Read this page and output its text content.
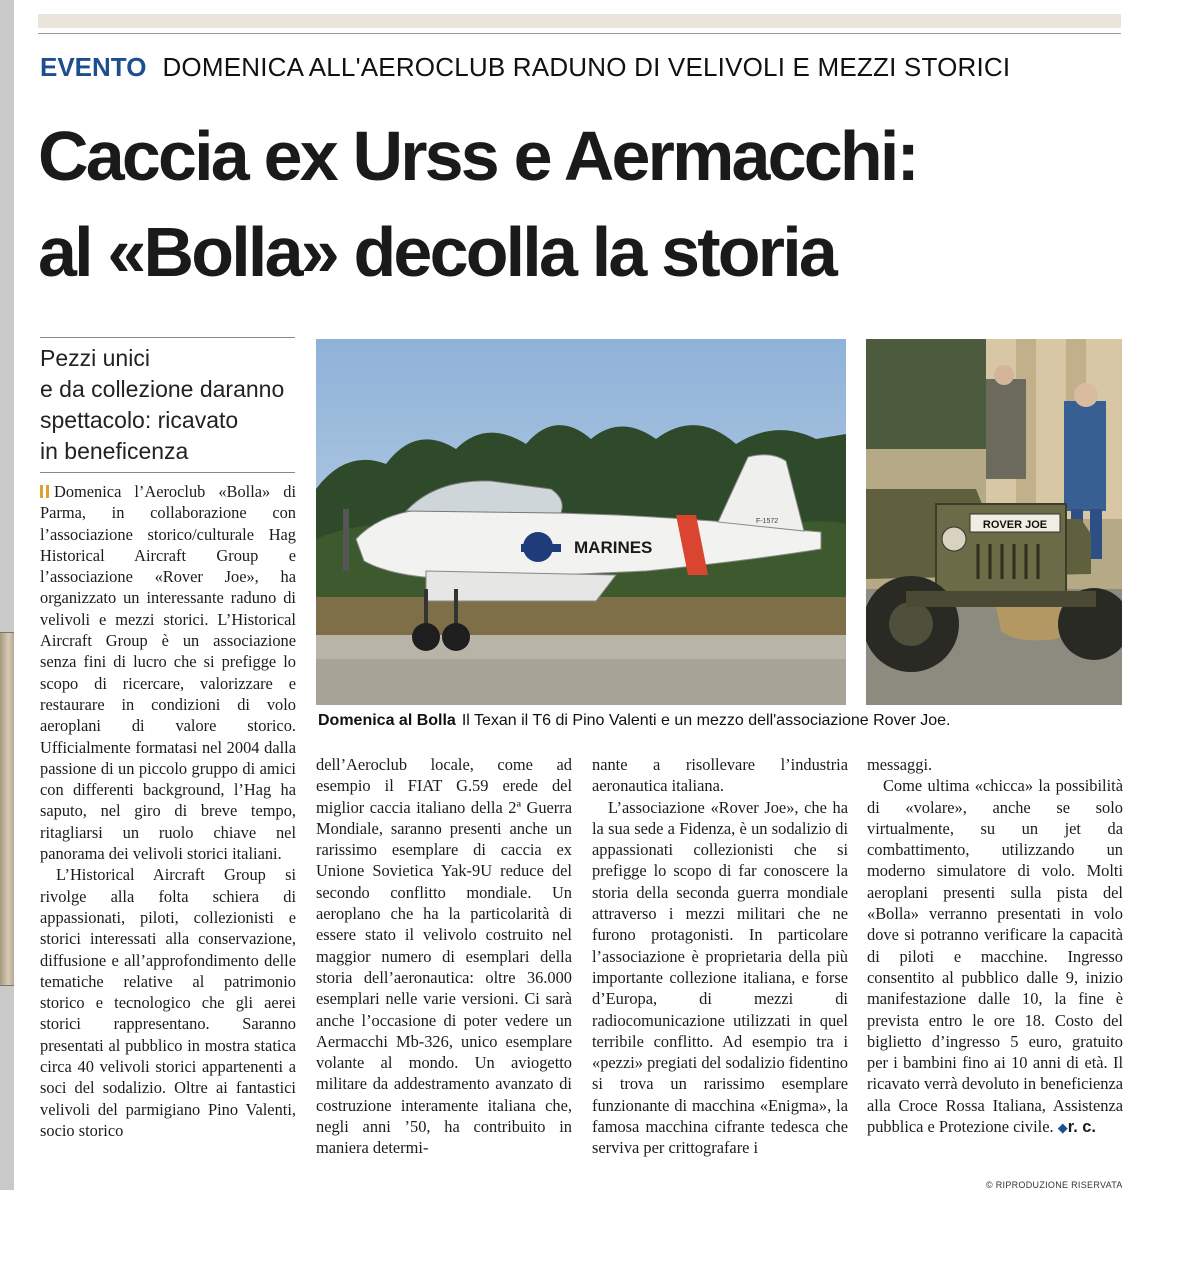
EVENTO DOMENICA ALL'AEROCLUB RADUNO DI VELIVOLI E MEZZI STORICI
Caccia ex Urss e Aermacchi:
al «Bolla» decolla la storia
Pezzi unici
e da collezione daranno
spettacolo: ricavato
in beneficenza
MARINES
F-1572	ROVER JOE
Domenica al Bolla Il Texan il T6 di Pino Valenti e un mezzo dell'associazione Rover Joe.

Domenica l’Aeroclub «Bolla» di Parma, in collaborazione con l’associazione storico/culturale Hag Historical Aircraft Group e l’associazione «Rover Joe», ha organizzato un interessante raduno di velivoli e mezzi storici. L’Historical Aircraft Group è un associazione senza fini di lucro che si prefigge lo scopo di ricercare, valorizzare e restaurare in condizioni di volo aeroplani di valore storico. Ufficialmente formatasi nel 2004 dalla passione di un piccolo gruppo di amici con differenti background, l’Hag ha saputo, nel giro di breve tempo, ritagliarsi un ruolo chiave nel panorama dei velivoli storici italiani.

L’Historical Aircraft Group si rivolge alla folta schiera di appassionati, piloti, collezionisti e storici interessati alla conservazione, diffusione e all’approfondimento delle tematiche relative al patrimonio storico e tecnologico che gli aerei storici rappresentano. Saranno presentati al pubblico in mostra statica circa 40 velivoli storici appartenenti a soci del sodalizio. Oltre ai fantastici velivoli del parmigiano Pino Valenti, socio storico

dell’Aeroclub locale, come ad esempio il FIAT G.59 erede del miglior caccia italiano della 2ª Guerra Mondiale, saranno presenti anche un rarissimo esemplare di caccia ex Unione Sovietica Yak-9U reduce del secondo conflitto mondiale. Un aeroplano che ha la particolarità di essere stato il velivolo costruito nel maggior numero di esemplari della storia dell’aeronautica: oltre 36.000 esemplari nelle varie versioni. Ci sarà anche l’occasione di poter vedere un Aermacchi Mb-326, unico esemplare volante al mondo. Un aviogetto militare da addestramento avanzato di costruzione interamente italiana che, negli anni ’50, ha contribuito in maniera determi-

nante a risollevare l’industria aeronautica italiana.

L’associazione «Rover Joe», che ha la sua sede a Fidenza, è un sodalizio di appassionati collezionisti che si prefigge lo scopo di far conoscere la storia della seconda guerra mondiale attraverso i mezzi militari che ne furono protagonisti. In particolare l’associazione è proprietaria della più importante collezione italiana, e forse d’Europa, di mezzi di radiocomunicazione utilizzati in quel terribile conflitto. Ad esempio tra i «pezzi» pregiati del sodalizio fidentino si trova un rarissimo esemplare funzionante di macchina «Enigma», la famosa macchina cifrante tedesca che serviva per crittografare i

messaggi.

Come ultima «chicca» la possibilità di «volare», anche se solo virtualmente, su un jet da combattimento, utilizzando un moderno simulatore di volo. Molti aeroplani presenti sulla pista del «Bolla» verranno presentati in volo dove si potranno verificare la capacità di piloti e macchine. Ingresso consentito al pubblico dalle 9, inizio manifestazione dalle 10, la fine è prevista entro le ore 18. Costo del biglietto d’ingresso 5 euro, gratuito per i bambini fino ai 10 anni di età. Il ricavato verrà devoluto in beneficienza alla Croce Rossa Italiana, Assistenza pubblica e Protezione civile. ◆r. c.

© RIPRODUZIONE RISERVATA
